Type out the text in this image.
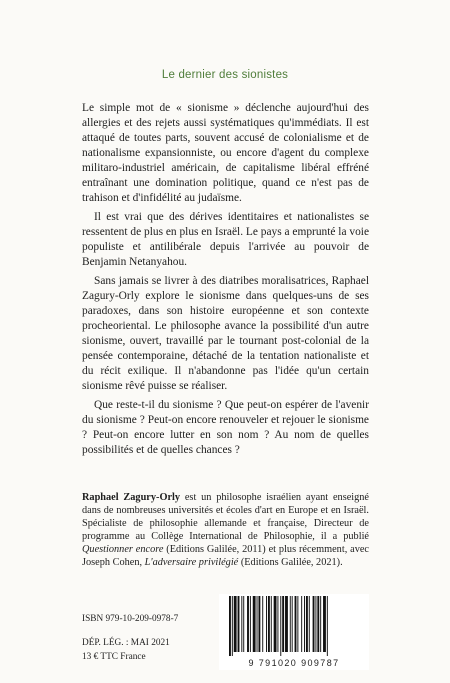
Le dernier des sionistes

Le simple mot de « sionisme » déclenche aujourd'hui des allergies et des rejets aussi systématiques qu'immédiats. Il est attaqué de toutes parts, souvent accusé de colonialisme et de nationalisme expansionniste, ou encore d'agent du complexe militaro-industriel américain, de capitalisme libéral effréné entraînant une domination politique, quand ce n'est pas de trahison et d'infidélité au judaïsme.

Il est vrai que des dérives identitaires et nationalistes se ressentent de plus en plus en Israël. Le pays a emprunté la voie populiste et antilibérale depuis l'arrivée au pouvoir de Benjamin Netanyahou.

Sans jamais se livrer à des diatribes moralisatrices, Raphael Zagury-Orly explore le sionisme dans quelques-uns de ses paradoxes, dans son histoire européenne et son contexte procheoriental. Le philosophe avance la possibilité d'un autre sionisme, ouvert, travaillé par le tournant post-colonial de la pensée contemporaine, détaché de la tentation nationaliste et du récit exilique. Il n'abandonne pas l'idée qu'un certain sionisme rêvé puisse se réaliser.

Que reste-t-il du sionisme ? Que peut-on espérer de l'avenir du sionisme ? Peut-on encore renouveler et rejouer le sionisme ? Peut-on encore lutter en son nom ? Au nom de quelles possibilités et de quelles chances ?

Raphael Zagury-Orly est un philosophe israélien ayant enseigné dans de nombreuses universités et écoles d'art en Europe et en Israël. Spécialiste de philosophie allemande et française, Directeur de programme au Collège International de Philosophie, il a publié Questionner encore (Editions Galilée, 2011) et plus récemment, avec Joseph Cohen, L'adversaire privilégié (Editions Galilée, 2021).
ISBN 979-10-209-0978-7
DÉP. LÉG. : MAI 2021
13 € TTC France
9 791020 909787
